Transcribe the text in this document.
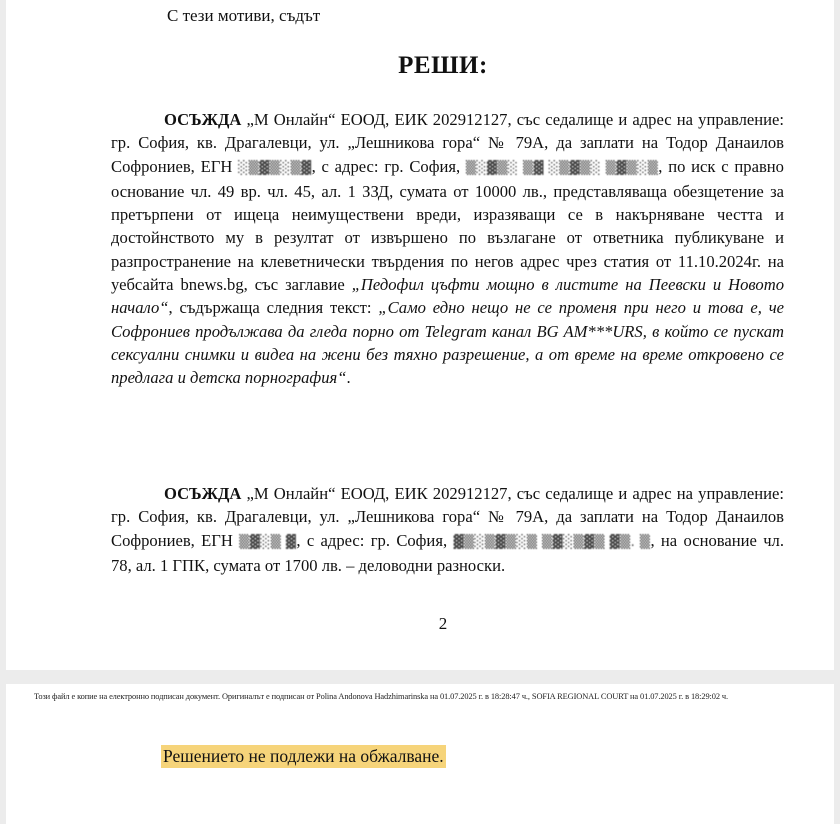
С тези мотиви, съдът
РЕШИ:
ОСЪЖДА „М Онлайн“ ЕООД, ЕИК 202912127, със седалище и адрес на управление: гр. София, кв. Драгалевци, ул. „Лешникова гора“ № 79А, да заплати на Тодор Данаилов Софрониев, ЕГН ░▒▓▒░▒▓, с адрес: гр. София, ▒░▓▒░ ▒▓ ░▒▓▒░ ▒▓▒░▒, по иск с правно основание чл. 49 вр. чл. 45, ал. 1 ЗЗД, сумата от 10000 лв., представляваща обезщетение за претърпени от ищеца неимуществени вреди, изразяващи се в накърняване честта и достойнството му в резултат от извършено по възлагане от ответника публикуване и разпространение на клеветнически твърдения по негов адрес чрез статия от 11.10.2024г. на уебсайта bnews.bg, със заглавие „Педофил цъфти мощно в листите на Пеевски и Новото начало“, съдържаща следния текст: „Само едно нещо не се променя при него и това е, че Софрониев продължава да гледа порно от Telegram канал BG AM***URS, в който се пускат сексуални снимки и видеа на жени без тяхно разрешение, а от време на време откровено се предлага и детска порнография“.
ОСЪЖДА „М Онлайн“ ЕООД, ЕИК 202912127, със седалище и адрес на управление: гр. София, кв. Драгалевци, ул. „Лешникова гора“ № 79А, да заплати на Тодор Данаилов Софрониев, ЕГН ▒▓░▒ ▓, с адрес: гр. София, ▓▒░▒▓▒░▒ ▒▓░▒▓▒ ▓▒. ▒, на основание чл. 78, ал. 1 ГПК, сумата от 1700 лв. – деловодни разноски.
2
Този файл е копие на електронно подписан документ. Оригиналът е подписан от Polina Andonova Hadzhimarinska на 01.07.2025 г. в 18:28:47 ч., SOFIA REGIONAL COURT на 01.07.2025 г. в 18:29:02 ч.
Решението не подлежи на обжалване.
